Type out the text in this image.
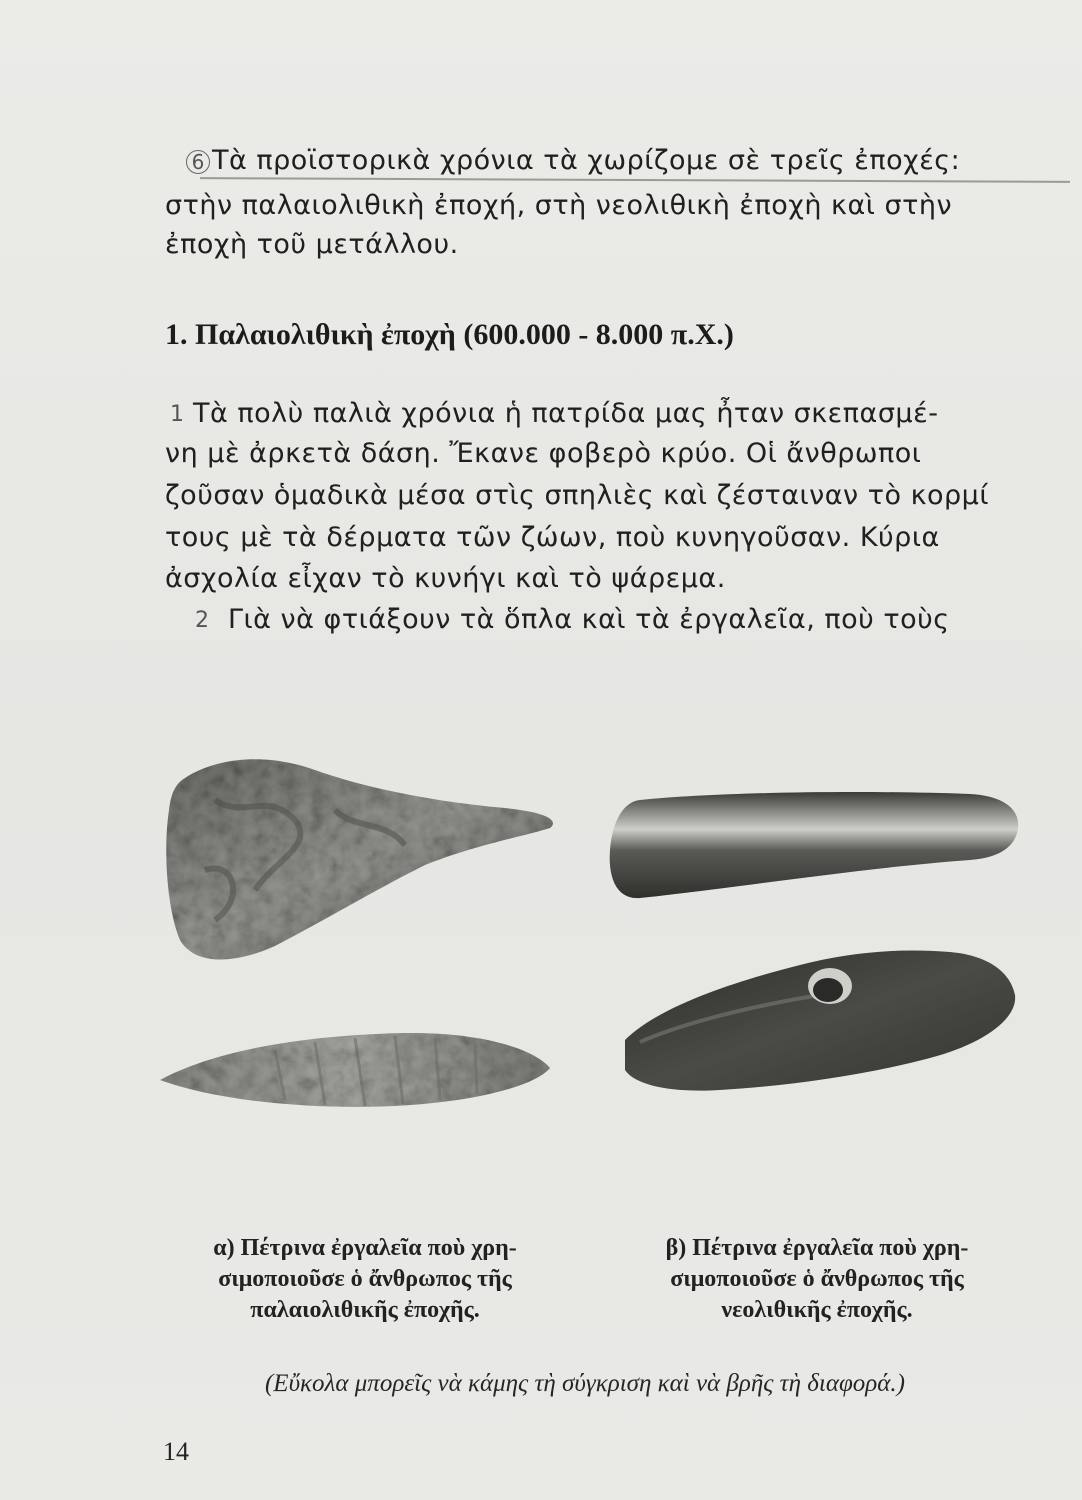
6 Τὰ προϊστορικὰ χρόνια τὰ χωρίζομε σὲ τρεῖς ἐποχές:
στὴν παλαιολιθικὴ ἐποχή, στὴ νεολιθικὴ ἐποχὴ καὶ στὴν
ἐποχὴ τοῦ μετάλλου.
1. Παλαιολιθικὴ ἐποχὴ (600.000 - 8.000 π.Χ.)
1 Τὰ πολὺ παλιὰ χρόνια ἡ πατρίδα μας ἦταν σκεπασμέ-
νη μὲ ἀρκετὰ δάση. Ἔκανε φοβερὸ κρύο. Οἱ ἄνθρωποι
ζοῦσαν ὁμαδικὰ μέσα στὶς σπηλιὲς καὶ ζέσταιναν τὸ κορμί
τους μὲ τὰ δέρματα τῶν ζώων, ποὺ κυνηγοῦσαν. Κύρια
ἀσχολία εἶχαν τὸ κυνήγι καὶ τὸ ψάρεμα.
2 Γιὰ νὰ φτιάξουν τὰ ὅπλα καὶ τὰ ἐργαλεῖα, ποὺ τοὺς
α) Πέτρινα ἐργαλεῖα ποὺ χρη-
σιμοποιοῦσε ὁ ἄνθρωπος τῆς
παλαιολιθικῆς ἐποχῆς.
β) Πέτρινα ἐργαλεῖα ποὺ χρη-
σιμοποιοῦσε ὁ ἄνθρωπος τῆς
νεολιθικῆς ἐποχῆς.
(Εὔκολα μπορεῖς νὰ κάμης τὴ σύγκριση καὶ νὰ βρῆς τὴ διαφορά.)
14
